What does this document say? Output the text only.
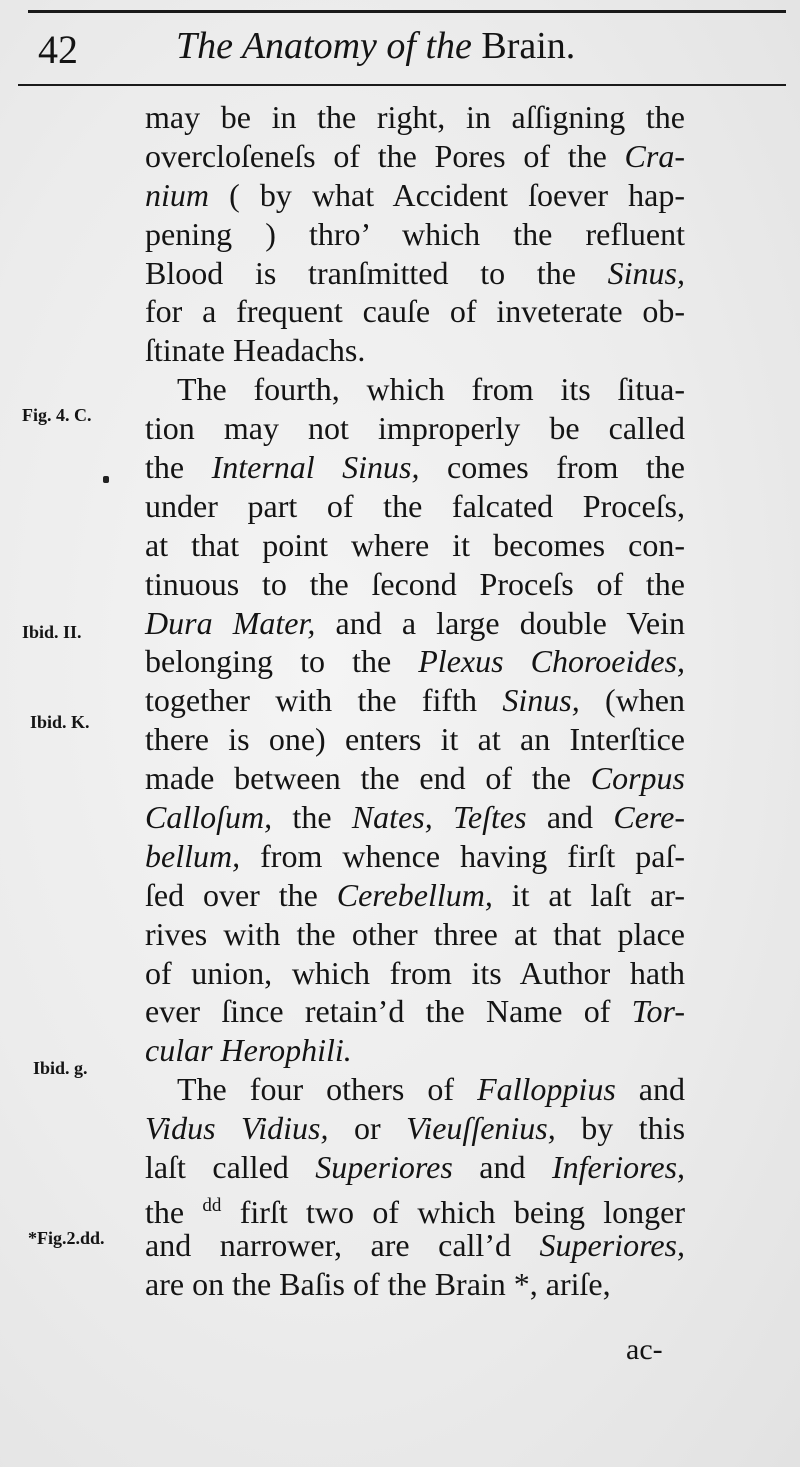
42	The Anatomy of the Brain.
Fig. 4. C.
Ibid. II.
Ibid. K.
Ibid. g.
*Fig.2.dd.
may be in the right, in aſſigning the
overcloſeneſs of the Pores of the Cra-
nium ( by what Accident ſoever hap-
pening ) thro’ which the refluent
Blood is tranſmitted to the Sinus,
for a frequent cauſe of inveterate ob-
ſtinate Headachs.
The fourth, which from its ſitua-
tion may not improperly be called
the Internal Sinus, comes from the
under part of the falcated Proceſs,
at that point where it becomes con-
tinuous to the ſecond Proceſs of the
Dura Mater, and a large double Vein
belonging to the Plexus Choroeides,
together with the fifth Sinus, (when
there is one) enters it at an Interſtice
made between the end of the Corpus
Calloſum, the Nates, Teſtes and Cere-
bellum, from whence having firſt paſ-
ſed over the Cerebellum, it at laſt ar-
rives with the other three at that place
of union, which from its Author hath
ever ſince retain’d the Name of Tor-
cular Herophili.
The four others of Falloppius and
Vidus Vidius, or Vieuſſenius, by this
laſt called Superiores and Inferiores,
the $^{dd}$ firſt two of which being longer
and narrower, are call’d Superiores,
are on the Baſis of the Brain *, ariſe,
ac-
